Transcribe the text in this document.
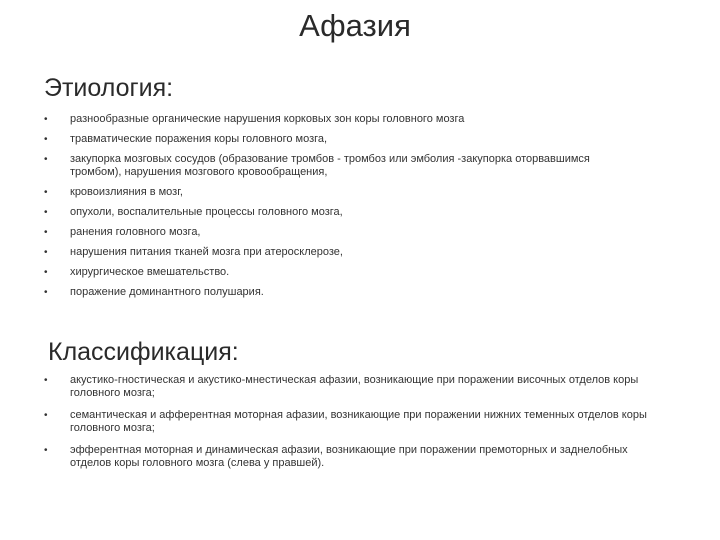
Афазия
Этиология:
• разнообразные органические нарушения корковых зон коры головного мозга
• травматические поражения коры головного мозга,
• закупорка мозговых сосудов (образование тромбов - тромбоз или эмболия -закупорка оторвавшимся тромбом), нарушения мозгового кровообращения,
• кровоизлияния в мозг,
• опухоли, воспалительные процессы головного мозга,
• ранения головного мозга,
• нарушения питания тканей мозга при атеросклерозе,
• хирургическое вмешательство.
• поражение доминантного полушария.
Классификация:
• акустико-гностическая и акустико-мнестическая афазии, возникающие при поражении височных отделов коры головного мозга;
• семантическая и афферентная моторная афазии, возникающие при поражении нижних теменных отделов коры головного мозга;
• эфферентная моторная и динамическая афазии, возникающие при поражении премоторных и заднелобных отделов коры головного мозга (слева у правшей).
